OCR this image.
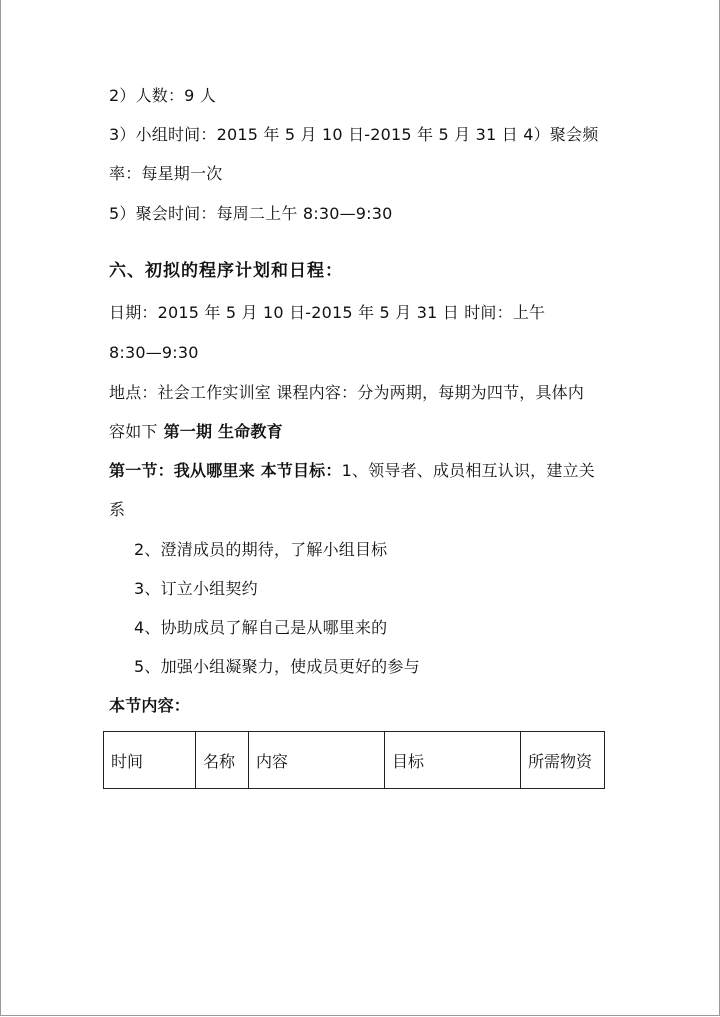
2）人数：9 人
3）小组时间：2015 年 5 月 10 日-2015 年 5 月 31 日 4）聚会频
率：每星期一次
5）聚会时间：每周二上午 8:30—9:30
六、初拟的程序计划和日程：
日期：2015 年 5 月 10 日-2015 年 5 月 31 日 时间：上午
8:30—9:30
地点：社会工作实训室 课程内容：分为两期，每期为四节，具体内
容如下 第一期 生命教育
第一节：我从哪里来 本节目标：1、领导者、成员相互认识，建立关
系
2、澄清成员的期待，了解小组目标
3、订立小组契约
4、协助成员了解自己是从哪里来的
5、加强小组凝聚力，使成员更好的参与
本节内容：
时间	名称	内容	目标	所需物资
